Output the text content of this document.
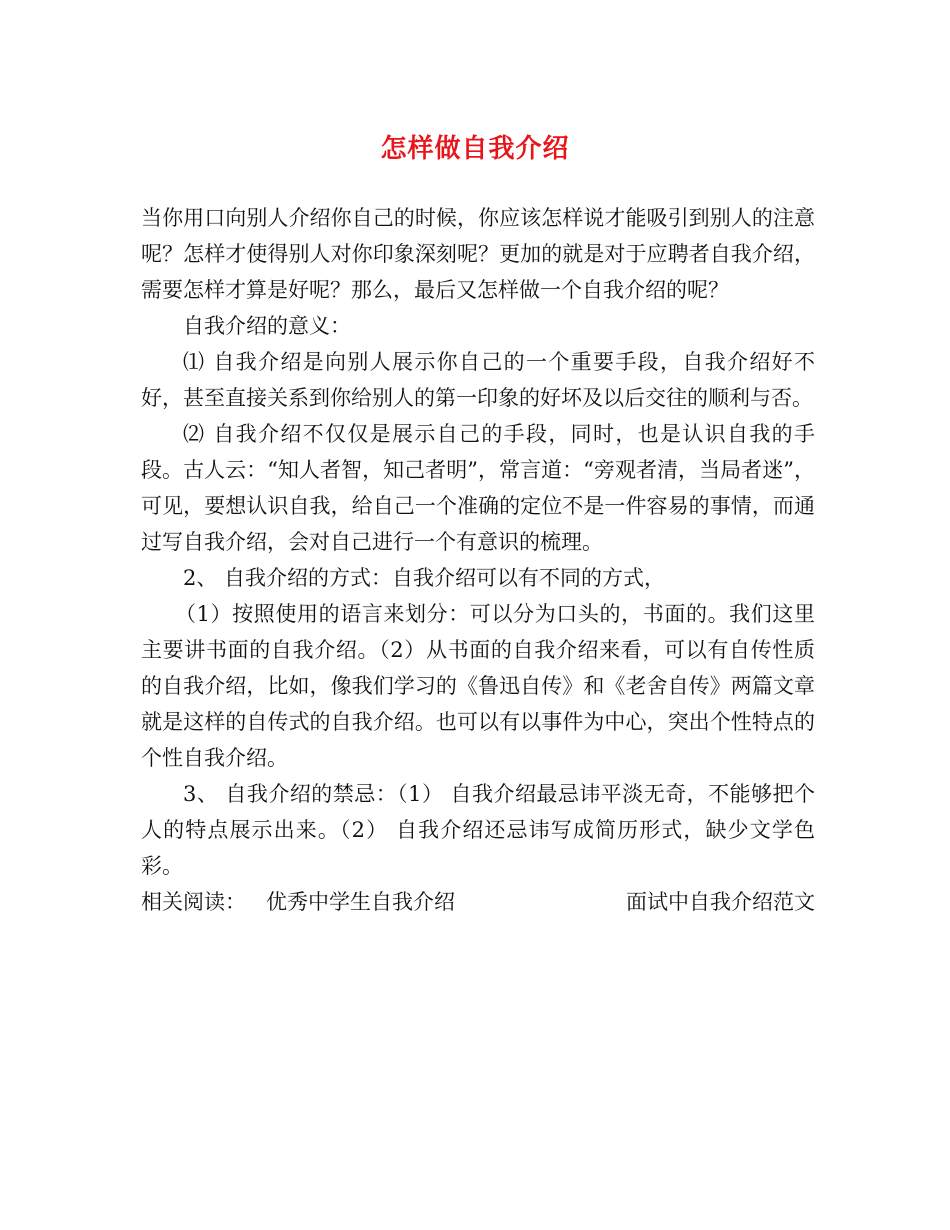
怎样做自我介绍

当你用口向别人介绍你自己的时候，你应该怎样说才能吸引到别人的注意呢？怎样才使得别人对你印象深刻呢？更加的就是对于应聘者自我介绍，需要怎样才算是好呢？那么，最后又怎样做一个自我介绍的呢？

自我介绍的意义：

⑴ 自我介绍是向别人展示你自己的一个重要手段，自我介绍好不好，甚至直接关系到你给别人的第一印象的好坏及以后交往的顺利与否。

⑵ 自我介绍不仅仅是展示自己的手段，同时，也是认识自我的手段。古人云：“知人者智，知己者明”，常言道：“旁观者清，当局者迷”，可见，要想认识自我，给自己一个准确的定位不是一件容易的事情，而通过写自我介绍，会对自己进行一个有意识的梳理。

2、 自我介绍的方式：自我介绍可以有不同的方式，

（1）按照使用的语言来划分：可以分为口头的，书面的。我们这里主要讲书面的自我介绍。（2）从书面的自我介绍来看，可以有自传性质的自我介绍，比如，像我们学习的《鲁迅自传》和《老舍自传》两篇文章就是这样的自传式的自我介绍。也可以有以事件为中心，突出个性特点的个性自我介绍。

3、 自我介绍的禁忌：（1） 自我介绍最忌讳平淡无奇，不能够把个人的特点展示出来。（2） 自我介绍还忌讳写成简历形式，缺少文学色彩。

相关阅读： 优秀中学生自我介绍	面试中自我介绍范文
